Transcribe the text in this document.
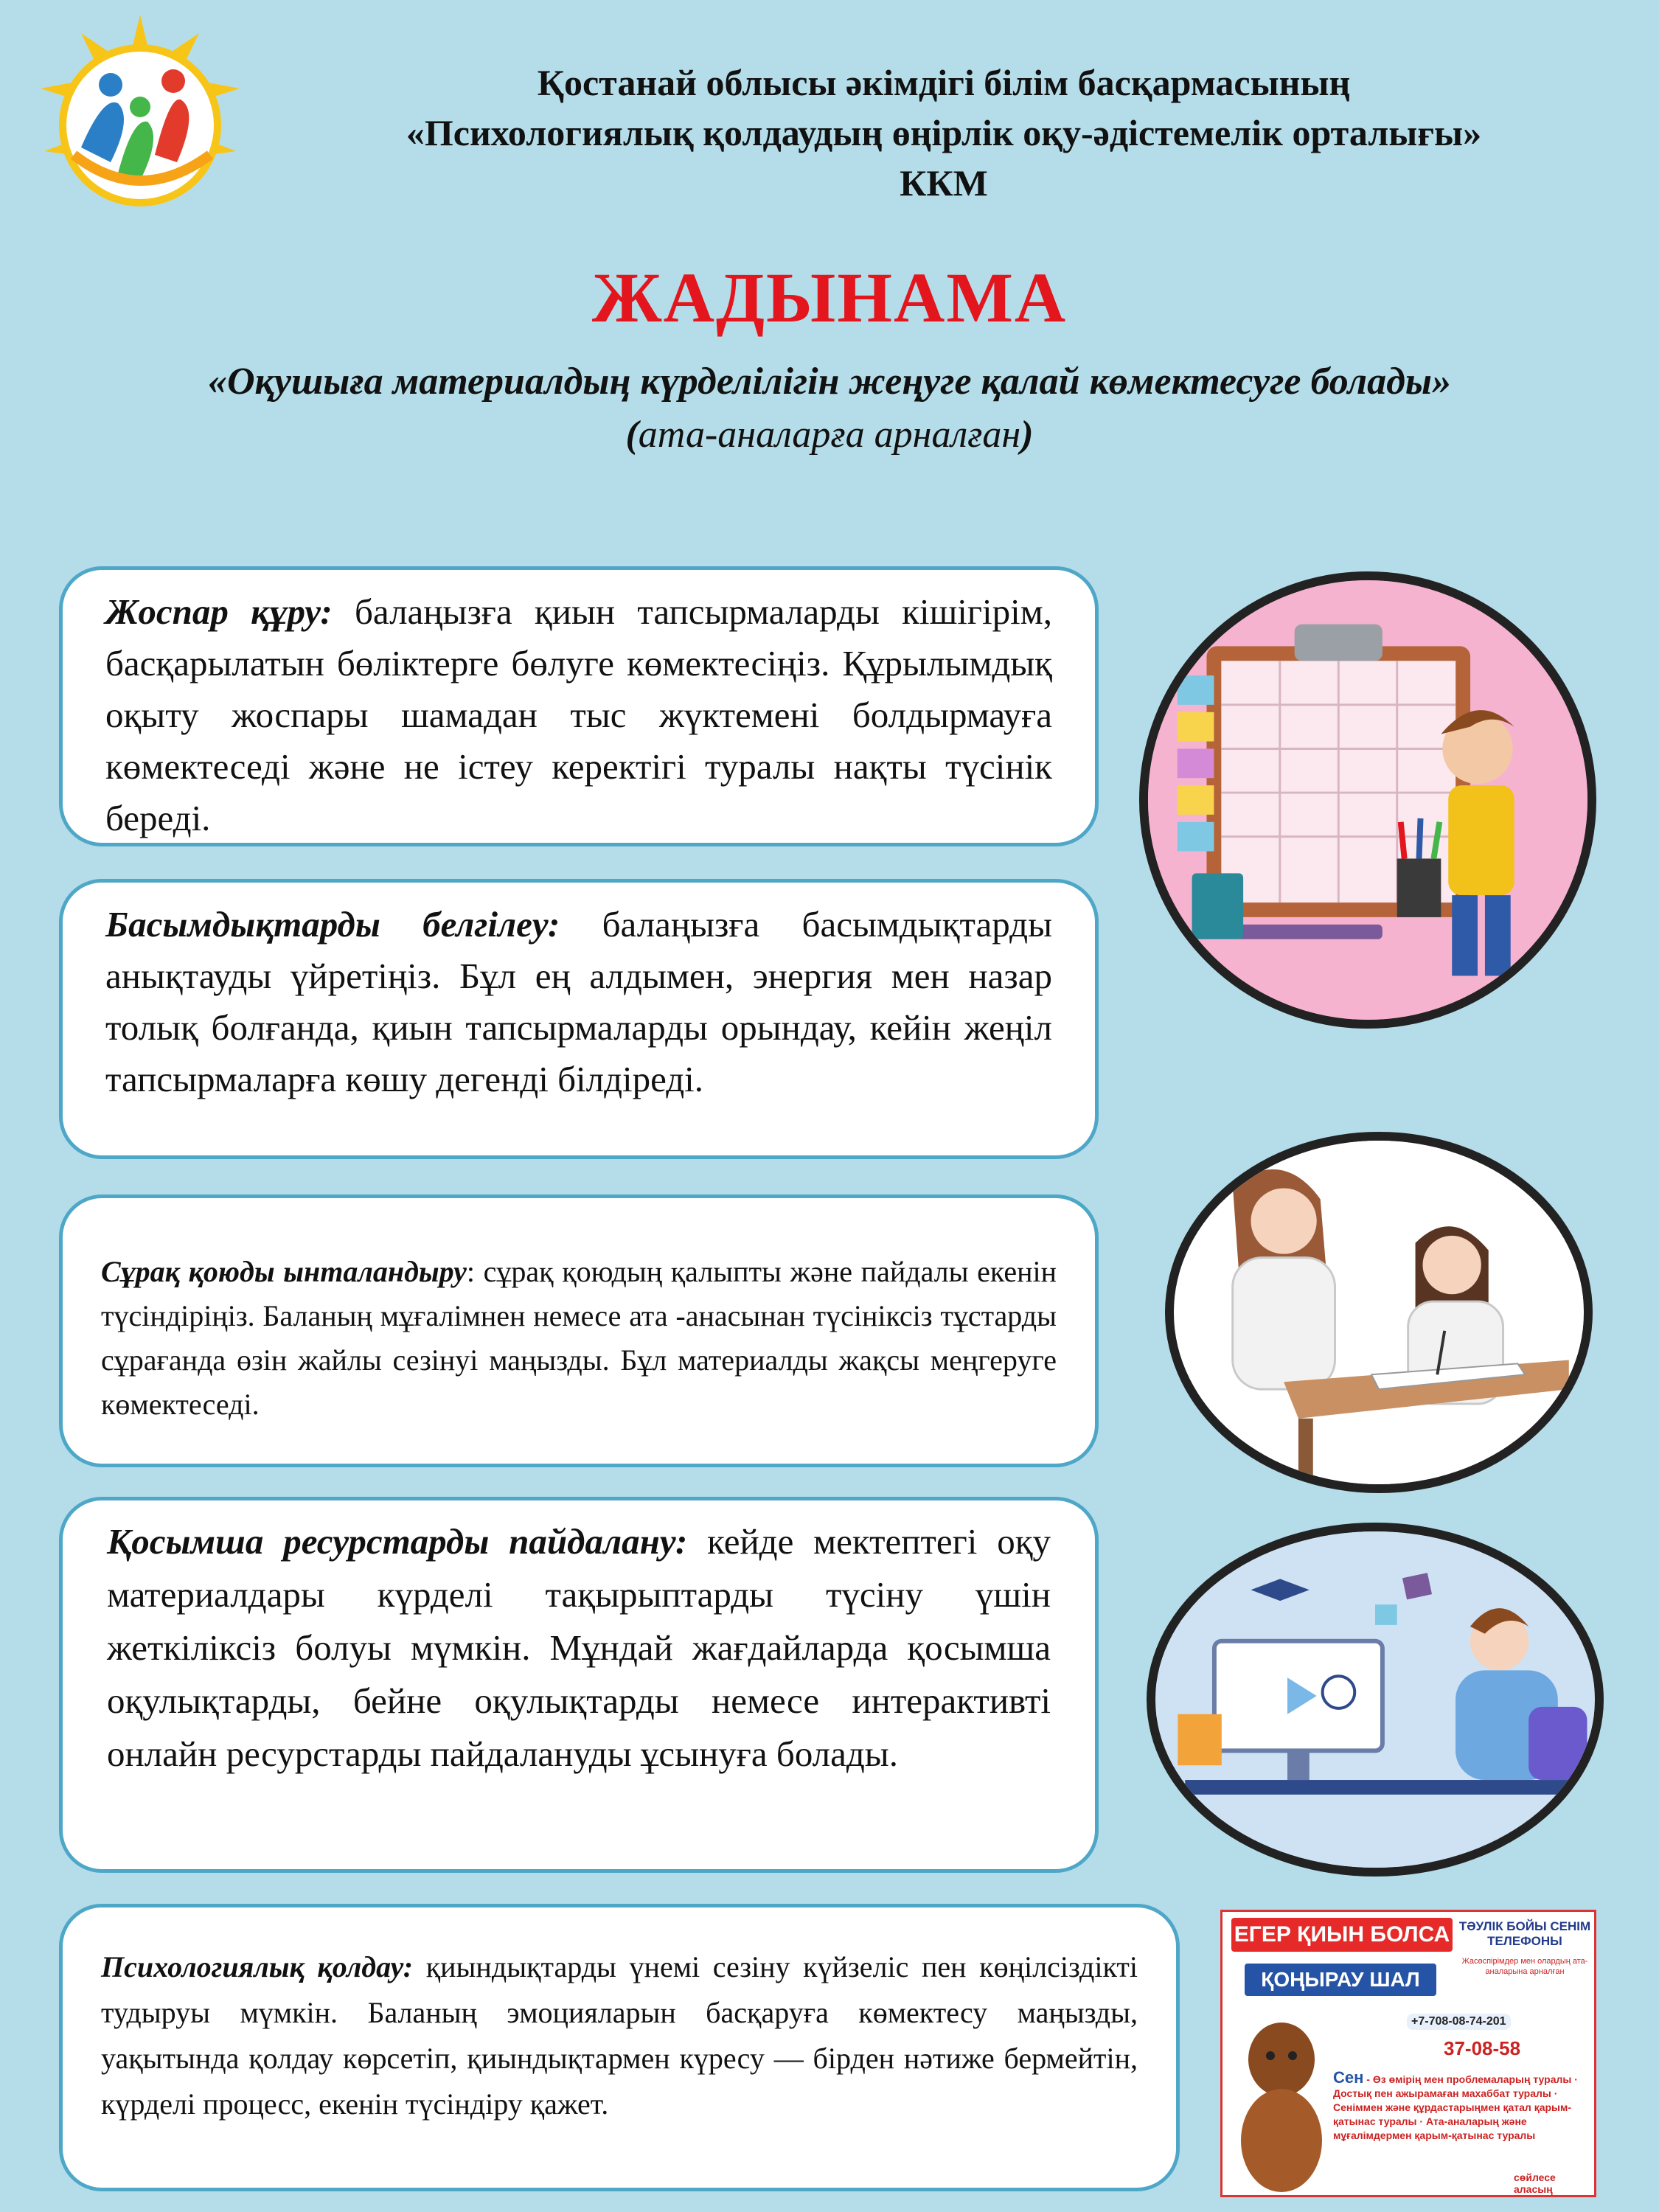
Қостанай облысы әкімдігі білім басқармасының
«Психологиялық қолдаудың өңірлік оқу-әдістемелік орталығы»
ККМ
ЖАДЫНАМА
«Оқушыға материалдың күрделілігін жеңуге қалай көмектесуге болады»
(ата-аналарға арналған)
Жоспар құру: балаңызға қиын тапсырмаларды кішігірім, басқарылатын бөліктерге бөлуге көмектесіңіз. Құрылымдық оқыту жоспары шамадан тыс жүктемені болдырмауға көмектеседі және не істеу керектігі туралы нақты түсінік береді.
Басымдықтарды белгілеу: балаңызға басымдықтарды анықтауды үйретіңіз. Бұл ең алдымен, энергия мен назар толық болғанда, қиын тапсырмаларды орындау, кейін жеңіл тапсырмаларға көшу дегенді білдіреді.
Сұрақ қоюды ынталандыру: сұрақ қоюдың қалыпты және пайдалы екенін түсіндіріңіз. Баланың мұғалімнен немесе ата -анасынан түсініксіз тұстарды сұрағанда өзін жайлы сезінуі маңызды. Бұл материалды жақсы меңгеруге көмектеседі.
Қосымша ресурстарды пайдалану: кейде мектептегі оқу материалдары күрделі тақырыптарды түсіну үшін жеткіліксіз болуы мүмкін. Мұндай жағдайларда қосымша оқулықтарды, бейне оқулықтарды немесе интерактивті онлайн ресурстарды пайдалануды ұсынуға болады.
Психологиялық қолдау: қиындықтарды үнемі сезіну күйзеліс пен көңілсіздікті тудыруы мүмкін. Баланың эмоцияларын басқаруға көмектесу маңызды, уақытында қолдау көрсетіп, қиындықтармен күресу — бірден нәтиже бермейтін, күрделі процесс, екенін түсіндіру қажет.
ЕГЕР ҚИЫН БОЛСА
ҚОҢЫРАУ ШАЛ
ТӘУЛІК БОЙЫ СЕНІМ ТЕЛЕФОНЫ
Жасөспірімдер мен олардың ата-аналарына арналған
+7-708-08-74-201
37-08-58
Сен - Өз өмірің мен проблемаларың туралы · Достық пен ажырамаған махаббат туралы · Сеніммен және құрдастарыңмен қатал қарым-қатынас туралы · Ата-аналарың және мұғалімдермен қарым-қатынас туралы
сөйлесе аласың
